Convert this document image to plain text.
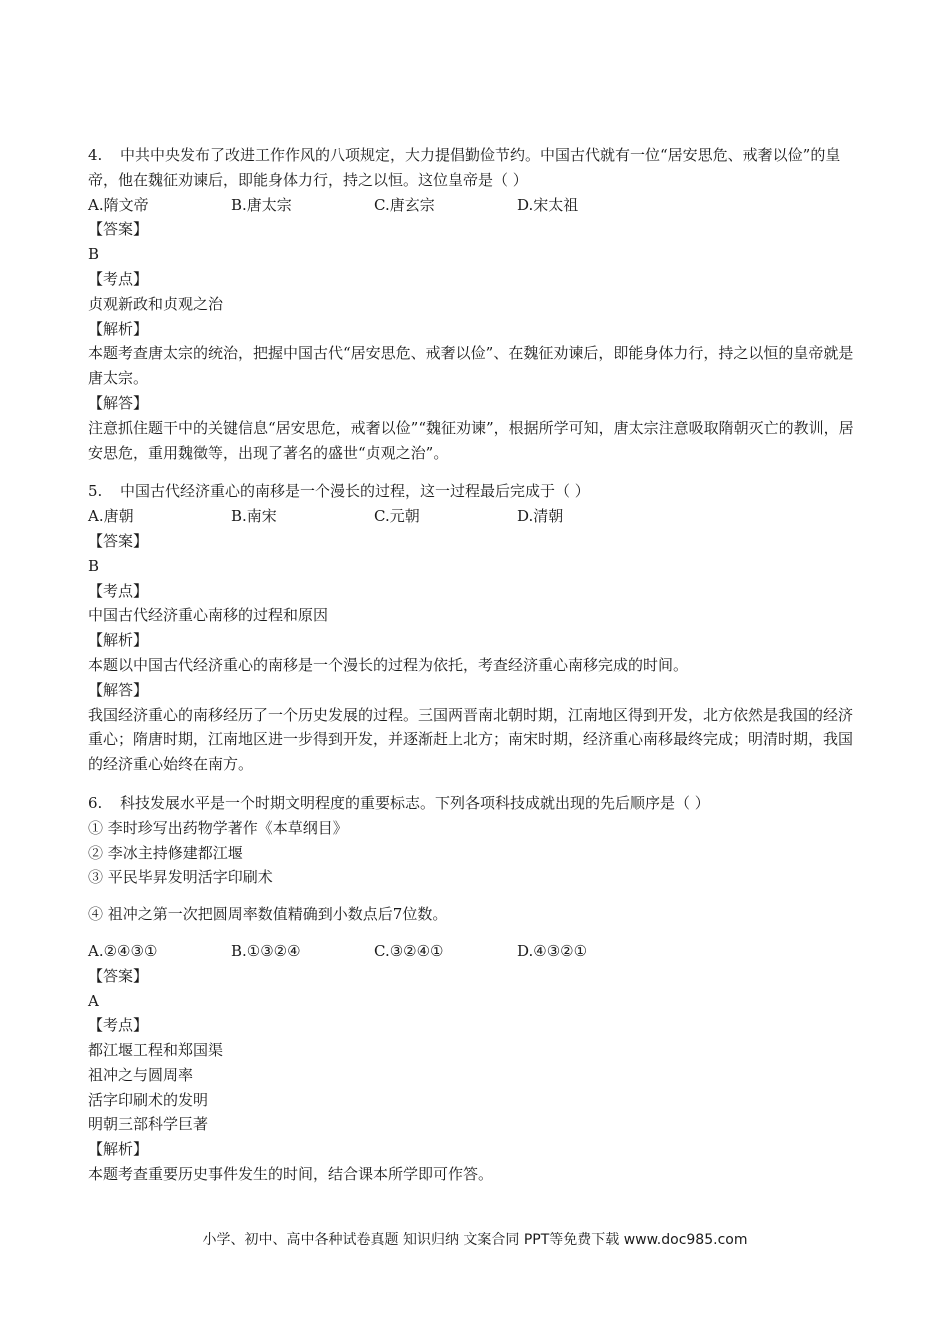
4. 中共中央发布了改进工作作风的八项规定，大力提倡勤俭节约。中国古代就有一位“居安思危、戒奢以俭”的皇帝，他在魏征劝谏后，即能身体力行，持之以恒。这位皇帝是（ ）
A.隋文帝	B.唐太宗	C.唐玄宗	D.宋太祖
【答案】
B
【考点】
贞观新政和贞观之治
【解析】
本题考查唐太宗的统治，把握中国古代“居安思危、戒奢以俭”、在魏征劝谏后，即能身体力行，持之以恒的皇帝就是唐太宗。
【解答】
注意抓住题干中的关键信息“居安思危，戒奢以俭”“魏征劝谏”，根据所学可知，唐太宗注意吸取隋朝灭亡的教训，居安思危，重用魏徵等，出现了著名的盛世“贞观之治”。
5. 中国古代经济重心的南移是一个漫长的过程，这一过程最后完成于（ ）
A.唐朝	B.南宋	C.元朝	D.清朝
【答案】
B
【考点】
中国古代经济重心南移的过程和原因
【解析】
本题以中国古代经济重心的南移是一个漫长的过程为依托，考查经济重心南移完成的时间。
【解答】
我国经济重心的南移经历了一个历史发展的过程。三国两晋南北朝时期，江南地区得到开发，北方依然是我国的经济重心；隋唐时期，江南地区进一步得到开发，并逐渐赶上北方；南宋时期，经济重心南移最终完成；明清时期，我国的经济重心始终在南方。
6. 科技发展水平是一个时期文明程度的重要标志。下列各项科技成就出现的先后顺序是（ ）
① 李时珍写出药物学著作《本草纲目》
② 李冰主持修建都江堰
③ 平民毕昇发明活字印刷术
④ 祖冲之第一次把圆周率数值精确到小数点后7位数。
A.②④③①	B.①③②④	C.③②④①	D.④③②①
【答案】
A
【考点】
都江堰工程和郑国渠
祖冲之与圆周率
活字印刷术的发明
明朝三部科学巨著
【解析】
本题考查重要历史事件发生的时间，结合课本所学即可作答。
小学、初中、高中各种试卷真题 知识归纳 文案合同 PPT等免费下载 www.doc985.com
